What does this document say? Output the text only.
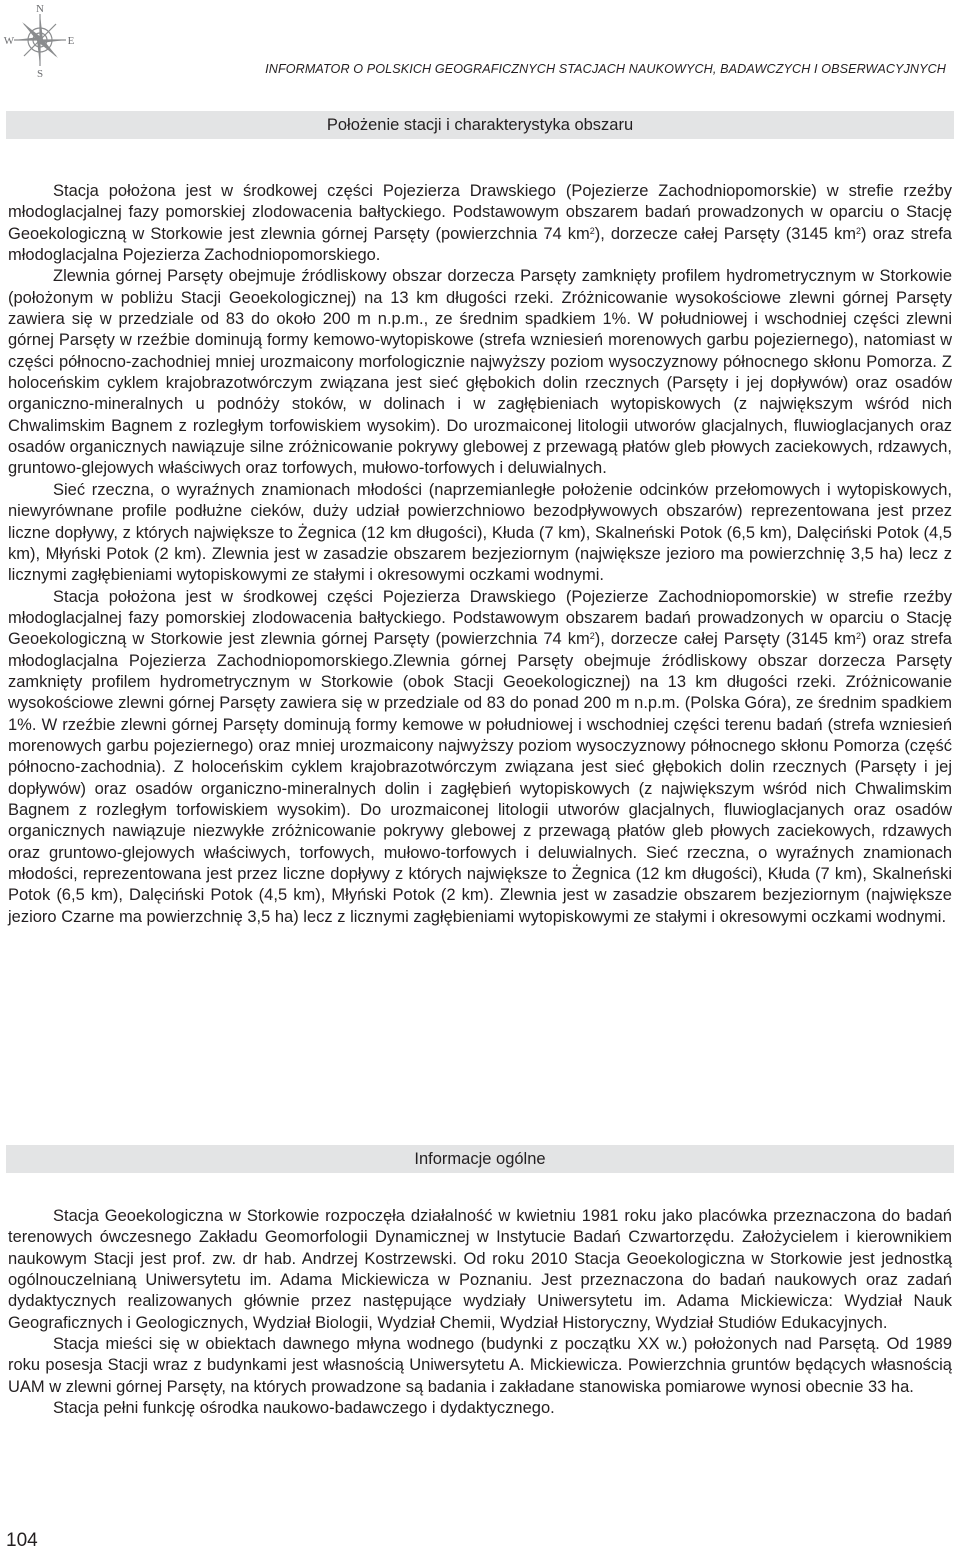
N
S
W	E
INFORMATOR O POLSKICH GEOGRAFICZNYCH STACJACH NAUKOWYCH, BADAWCZYCH I OBSERWACYJNYCH
Położenie stacji i charakterystyka obszaru

Stacja położona jest w środkowej części Pojezierza Drawskiego (Pojezierze Zachodniopomorskie) w strefie rzeźby młodoglacjalnej fazy pomorskiej zlodowacenia bałtyckiego. Podstawowym obszarem badań prowadzonych w oparciu o Stację Geoekologiczną w Storkowie jest zlewnia górnej Parsęty (powierzchnia 74 $km^2$), dorzecze całej Parsęty (3145 $km^2$) oraz strefa młodoglacjalna Pojezierza Zachodniopomorskiego.

Zlewnia górnej Parsęty obejmuje źródliskowy obszar dorzecza Parsęty zamknięty profilem hydrometrycznym w Storkowie (położonym w pobliżu Stacji Geoekologicznej) na 13 km długości rzeki. Zróżnicowanie wysokościowe zlewni górnej Parsęty zawiera się w przedziale od 83 do około 200 m n.p.m., ze średnim spadkiem 1%. W południowej i wschodniej części zlewni górnej Parsęty w rzeźbie dominują formy kemowo-wytopiskowe (strefa wzniesień morenowych garbu pojeziernego), natomiast w części północno-zachodniej mniej urozmaicony morfologicznie najwyższy poziom wysoczyznowy północnego skłonu Pomorza. Z holoceńskim cyklem krajobrazotwórczym związana jest sieć głębokich dolin rzecznych (Parsęty i jej dopływów) oraz osadów organiczno-mineralnych u podnóży stoków, w dolinach i w zagłębieniach wytopiskowych (z największym wśród nich Chwalimskim Bagnem z rozległym torfowiskiem wysokim). Do urozmaiconej litologii utworów glacjalnych, fluwioglacjanych oraz osadów organicznych nawiązuje silne zróżnicowanie pokrywy glebowej z przewagą płatów gleb płowych zaciekowych, rdzawych, gruntowo-glejowych właściwych oraz torfowych, mułowo-torfowych i deluwialnych.

Sieć rzeczna, o wyraźnych znamionach młodości (naprzemianległe położenie odcinków przełomowych i wytopiskowych, niewyrównane profile podłużne cieków, duży udział powierzchniowo bezodpływowych obszarów) reprezentowana jest przez liczne dopływy, z których największe to Żegnica (12 km długości), Kłuda (7 km), Skalneński Potok (6,5 km), Dalęciński Potok (4,5 km), Młyński Potok (2 km). Zlewnia jest w zasadzie obszarem bezjeziornym (największe jezioro ma powierzchnię 3,5 ha) lecz z licznymi zagłębieniami wytopiskowymi ze stałymi i okresowymi oczkami wodnymi.

Stacja położona jest w środkowej części Pojezierza Drawskiego (Pojezierze Zachodniopomorskie) w strefie rzeźby młodoglacjalnej fazy pomorskiej zlodowacenia bałtyckiego. Podstawowym obszarem badań prowadzonych w oparciu o Stację Geoekologiczną w Storkowie jest zlewnia górnej Parsęty (powierzchnia 74 $km^2$), dorzecze całej Parsęty (3145 $km^2$) oraz strefa młodoglacjalna Pojezierza Zachodniopomorskiego.Zlewnia górnej Parsęty obejmuje źródliskowy obszar dorzecza Parsęty zamknięty profilem hydrometrycznym w Storkowie (obok Stacji Geoekologicznej) na 13 km długości rzeki. Zróżnicowanie wysokościowe zlewni górnej Parsęty zawiera się w przedziale od 83 do ponad 200 m n.p.m. (Polska Góra), ze średnim spadkiem 1%. W rzeźbie zlewni górnej Parsęty dominują formy kemowe w południowej i wschodniej części terenu badań (strefa wzniesień morenowych garbu pojeziernego) oraz mniej urozmaicony najwyższy poziom wysoczyznowy północnego skłonu Pomorza (część północno-zachodnia). Z holoceńskim cyklem krajobrazotwórczym związana jest sieć głębokich dolin rzecznych (Parsęty i jej dopływów) oraz osadów organiczno-mineralnych dolin i zagłębień wytopiskowych (z największym wśród nich Chwalimskim Bagnem z rozległym torfowiskiem wysokim). Do urozmaiconej litologii utworów glacjalnych, fluwioglacjanych oraz osadów organicznych nawiązuje niezwykłe zróżnicowanie pokrywy glebowej z przewagą płatów gleb płowych zaciekowych, rdzawych oraz gruntowo-glejowych właściwych, torfowych, mułowo-torfowych i deluwialnych. Sieć rzeczna, o wyraźnych znamionach młodości, reprezentowana jest przez liczne dopływy z których największe to Żegnica (12 km długości), Kłuda (7 km), Skalneński Potok (6,5 km), Dalęciński Potok (4,5 km), Młyński Potok (2 km). Zlewnia jest w zasadzie obszarem bezjeziornym (największe jezioro Czarne ma powierzchnię 3,5 ha) lecz z licznymi zagłębieniami wytopiskowymi ze stałymi i okresowymi oczkami wodnymi.

Informacje ogólne

Stacja Geoekologiczna w Storkowie rozpoczęła działalność w kwietniu 1981 roku jako placówka przeznaczona do badań terenowych ówczesnego Zakładu Geomorfologii Dynamicznej w Instytucie Badań Czwartorzędu. Założycielem i kierownikiem naukowym Stacji jest prof. zw. dr hab. Andrzej Kostrzewski. Od roku 2010 Stacja Geoekologiczna w Storkowie jest jednostką ogólnouczelnianą Uniwersytetu im. Adama Mickiewicza w Poznaniu. Jest przeznaczona do badań naukowych oraz zadań dydaktycznych realizowanych głównie przez następujące wydziały Uniwersytetu im. Adama Mickiewicza: Wydział Nauk Geograficznych i Geologicznych, Wydział Biologii, Wydział Chemii, Wydział Historyczny, Wydział Studiów Edukacyjnych.

Stacja mieści się w obiektach dawnego młyna wodnego (budynki z początku XX w.) położonych nad Parsętą. Od 1989 roku posesja Stacji wraz z budynkami jest własnością Uniwersytetu A. Mickiewicza. Powierzchnia gruntów będących własnością UAM w zlewni górnej Parsęty, na których prowadzone są badania i zakładane stanowiska pomiarowe wynosi obecnie 33 ha.

Stacja pełni funkcję ośrodka naukowo-badawczego i dydaktycznego.

104
